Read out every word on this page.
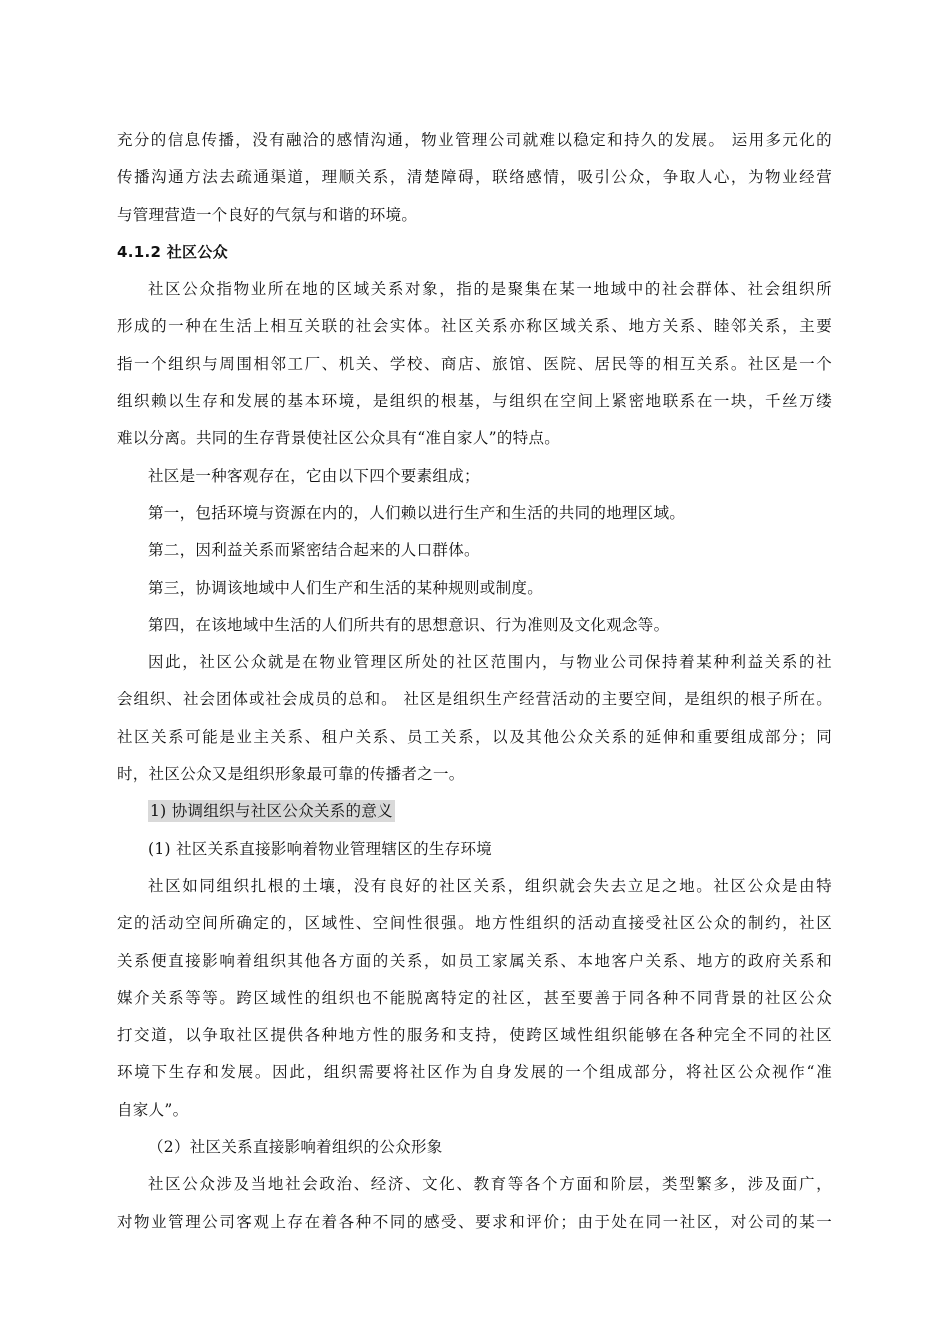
充分的信息传播，没有融洽的感情沟通，物业管理公司就难以稳定和持久的发展。 运用多元化的
传播沟通方法去疏通渠道，理顺关系，清楚障碍，联络感情，吸引公众，争取人心，为物业经营
与管理营造一个良好的气氛与和谐的环境。
4.1.2 社区公众
社区公众指物业所在地的区域关系对象，指的是聚集在某一地域中的社会群体、社会组织所
形成的一种在生活上相互关联的社会实体。社区关系亦称区域关系、地方关系、睦邻关系，主要
指一个组织与周围相邻工厂、机关、学校、商店、旅馆、医院、居民等的相互关系。社区是一个
组织赖以生存和发展的基本环境，是组织的根基，与组织在空间上紧密地联系在一块，千丝万缕
难以分离。共同的生存背景使社区公众具有“准自家人”的特点。
社区是一种客观存在，它由以下四个要素组成；
第一，包括环境与资源在内的，人们赖以进行生产和生活的共同的地理区域。
第二，因利益关系而紧密结合起来的人口群体。
第三，协调该地域中人们生产和生活的某种规则或制度。
第四，在该地域中生活的人们所共有的思想意识、行为准则及文化观念等。
因此，社区公众就是在物业管理区所处的社区范围内，与物业公司保持着某种利益关系的社
会组织、社会团体或社会成员的总和。 社区是组织生产经营活动的主要空间，是组织的根子所在。
社区关系可能是业主关系、租户关系、员工关系，以及其他公众关系的延伸和重要组成部分；同
时，社区公众又是组织形象最可靠的传播者之一。
1) 协调组织与社区公众关系的意义
(1) 社区关系直接影响着物业管理辖区的生存环境
社区如同组织扎根的土壤，没有良好的社区关系，组织就会失去立足之地。社区公众是由特
定的活动空间所确定的，区域性、空间性很强。地方性组织的活动直接受社区公众的制约，社区
关系便直接影响着组织其他各方面的关系，如员工家属关系、本地客户关系、地方的政府关系和
媒介关系等等。跨区域性的组织也不能脱离特定的社区，甚至要善于同各种不同背景的社区公众
打交道，以争取社区提供各种地方性的服务和支持，使跨区域性组织能够在各种完全不同的社区
环境下生存和发展。因此，组织需要将社区作为自身发展的一个组成部分，将社区公众视作“准
自家人”。
（2）社区关系直接影响着组织的公众形象
社区公众涉及当地社会政治、经济、文化、教育等各个方面和阶层，类型繁多，涉及面广，
对物业管理公司客观上存在着各种不同的感受、要求和评价；由于处在同一社区，对公司的某一
